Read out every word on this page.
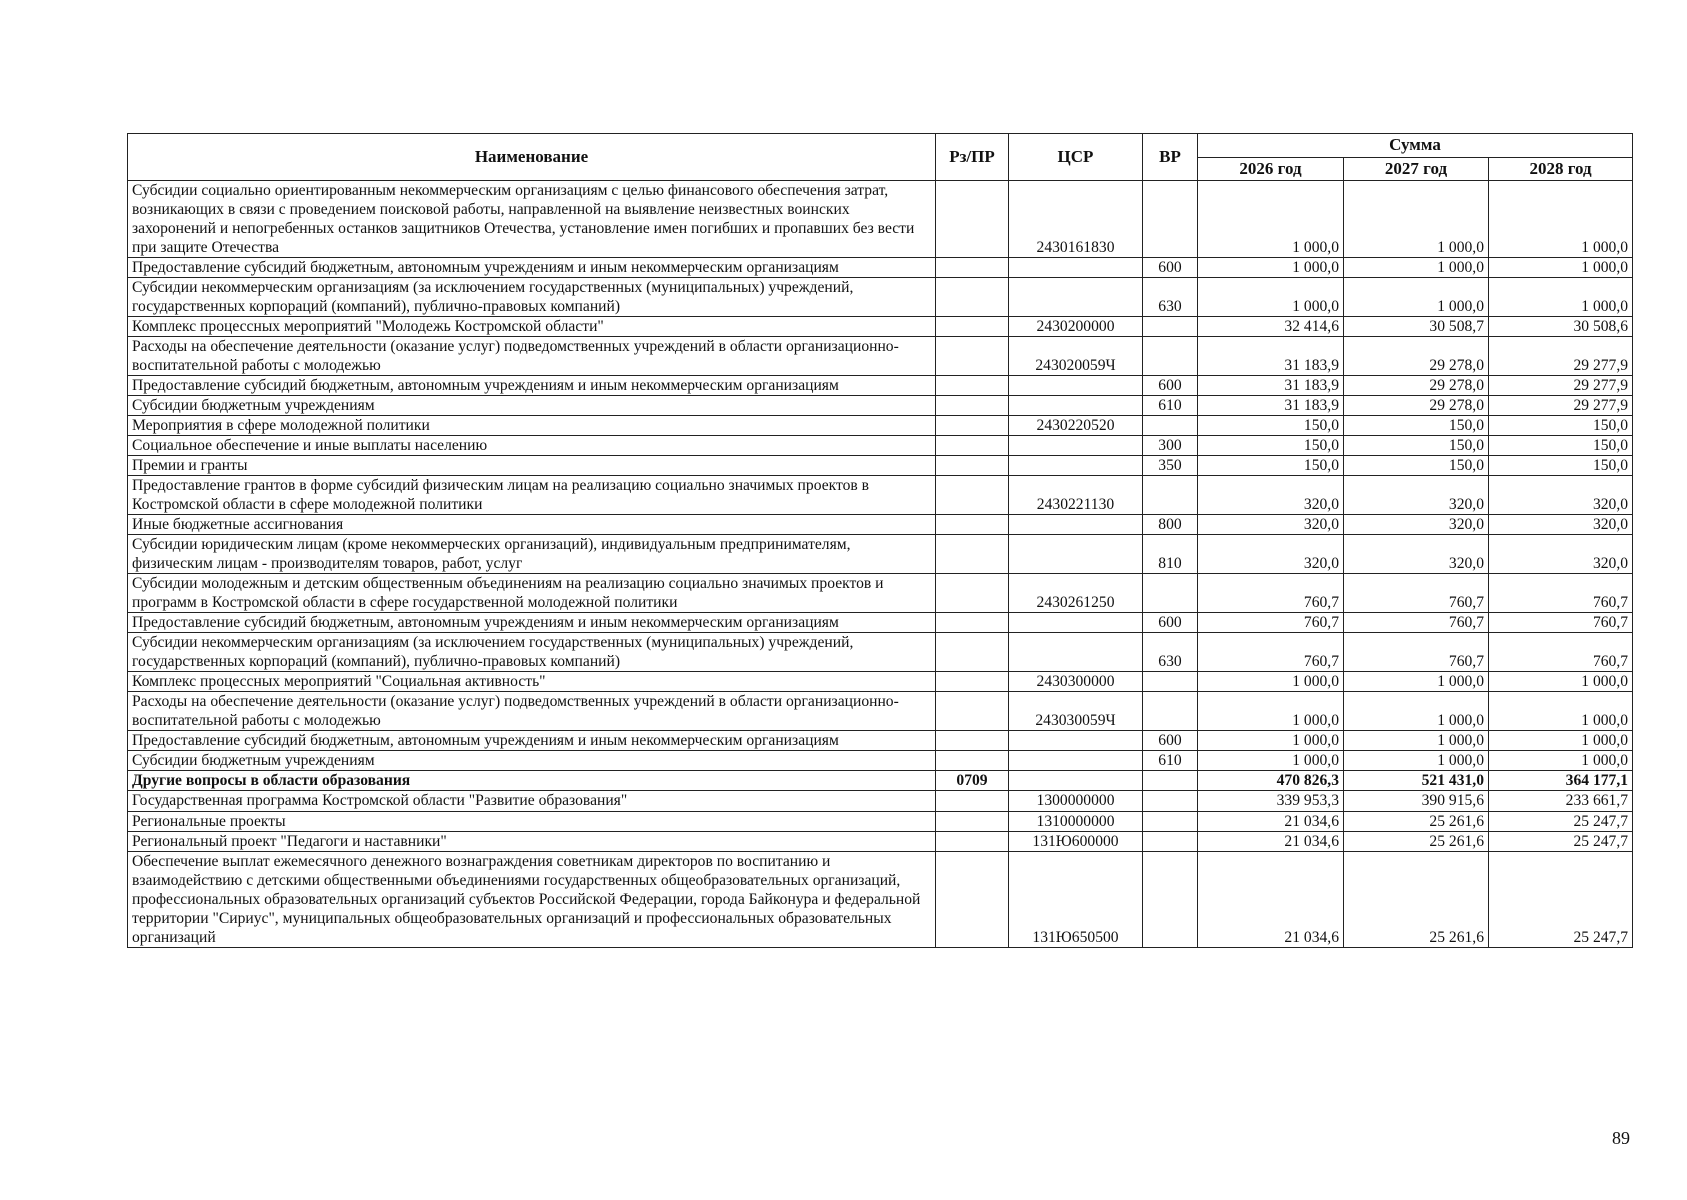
Наименование	Рз/ПР	ЦСР	ВР	Сумма		
				2026 год	2027 год	2028 год
Субсидии социально ориентированным некоммерческим организациям с целью финансового обеспечения затрат, возникающих в связи с проведением поисковой работы, направленной на выявление неизвестных воинских захоронений и непогребенных останков защитников Отечества, установление имен погибших и пропавших без вести при защите Отечества		2430161830		1 000,0	1 000,0	1 000,0
Предоставление субсидий бюджетным, автономным учреждениям и иным некоммерческим организациям			600	1 000,0	1 000,0	1 000,0
Субсидии некоммерческим организациям (за исключением государственных (муниципальных) учреждений, государственных корпораций (компаний), публично-правовых компаний)			630	1 000,0	1 000,0	1 000,0
Комплекс процессных мероприятий "Молодежь Костромской области"		2430200000		32 414,6	30 508,7	30 508,6
Расходы на обеспечение деятельности (оказание услуг) подведомственных учреждений в области организационно-воспитательной работы с молодежью		243020059Ч		31 183,9	29 278,0	29 277,9
Предоставление субсидий бюджетным, автономным учреждениям и иным некоммерческим организациям			600	31 183,9	29 278,0	29 277,9
Субсидии бюджетным учреждениям			610	31 183,9	29 278,0	29 277,9
Мероприятия в сфере молодежной политики		2430220520		150,0	150,0	150,0
Социальное обеспечение и иные выплаты населению			300	150,0	150,0	150,0
Премии и гранты			350	150,0	150,0	150,0
Предоставление грантов в форме субсидий физическим лицам на реализацию социально значимых проектов в Костромской области в сфере молодежной политики		2430221130		320,0	320,0	320,0
Иные бюджетные ассигнования			800	320,0	320,0	320,0
Субсидии юридическим лицам (кроме некоммерческих организаций), индивидуальным предпринимателям, физическим лицам - производителям товаров, работ, услуг			810	320,0	320,0	320,0
Субсидии молодежным и детским общественным объединениям на реализацию социально значимых проектов и программ в Костромской области в сфере государственной молодежной политики		2430261250		760,7	760,7	760,7
Предоставление субсидий бюджетным, автономным учреждениям и иным некоммерческим организациям			600	760,7	760,7	760,7
Субсидии некоммерческим организациям (за исключением государственных (муниципальных) учреждений, государственных корпораций (компаний), публично-правовых компаний)			630	760,7	760,7	760,7
Комплекс процессных мероприятий "Социальная активность"		2430300000		1 000,0	1 000,0	1 000,0
Расходы на обеспечение деятельности (оказание услуг) подведомственных учреждений в области организационно-воспитательной работы с молодежью		243030059Ч		1 000,0	1 000,0	1 000,0
Предоставление субсидий бюджетным, автономным учреждениям и иным некоммерческим организациям			600	1 000,0	1 000,0	1 000,0
Субсидии бюджетным учреждениям			610	1 000,0	1 000,0	1 000,0
Другие вопросы в области образования	0709			470 826,3	521 431,0	364 177,1
Государственная программа Костромской области "Развитие образования"		1300000000		339 953,3	390 915,6	233 661,7
Региональные проекты		1310000000		21 034,6	25 261,6	25 247,7
Региональный проект "Педагоги и наставники"		131Ю600000		21 034,6	25 261,6	25 247,7
Обеспечение выплат ежемесячного денежного вознаграждения советникам директоров по воспитанию и взаимодействию с детскими общественными объединениями государственных общеобразовательных организаций, профессиональных образовательных организаций субъектов Российской Федерации, города Байконура и федеральной территории "Сириус", муниципальных общеобразовательных организаций и профессиональных образовательных организаций		131Ю650500		21 034,6	25 261,6	25 247,7
89
